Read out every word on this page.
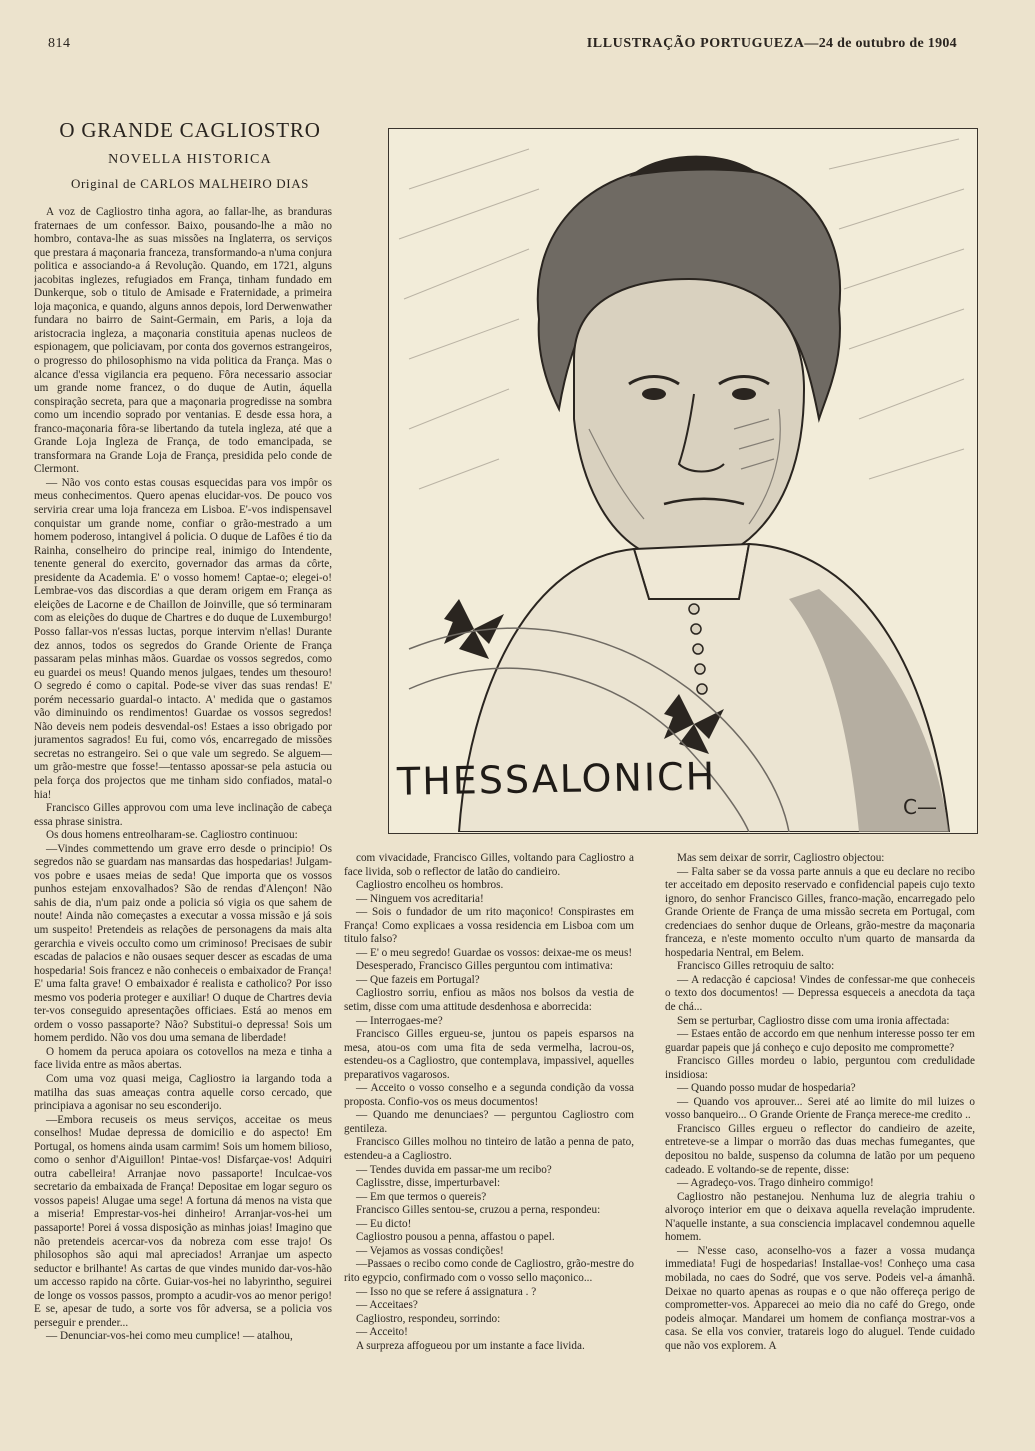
814	ILLUSTRAÇÃO PORTUGUEZA—24 de outubro de 1904
O GRANDE CAGLIOSTRO
NOVELLA HISTORICA
Original de CARLOS MALHEIRO DIAS

A voz de Cagliostro tinha agora, ao fallar-lhe, as branduras fraternaes de um confessor. Baixo, pousando-lhe a mão no hombro, contava-lhe as suas missões na Inglaterra, os serviços que prestara á maçonaria franceza, transformando-a n'uma conjura politica e associando-a á Revolução. Quando, em 1721, alguns jacobitas inglezes, refugiados em França, tinham fundado em Dunkerque, sob o titulo de Amisade e Fraternidade, a primeira loja maçonica, e quando, alguns annos depois, lord Derwenwather fundara no bairro de Saint-Germain, em Paris, a loja da aristocracia ingleza, a maçonaria constituia apenas nucleos de espionagem, que policiavam, por conta dos governos estrangeiros, o progresso do philosophismo na vida politica da França. Mas o alcance d'essa vigilancia era pequeno. Fôra necessario associar um grande nome francez, o do duque de Autin, áquella conspiração secreta, para que a maçonaria progredisse na sombra como um incendio soprado por ventanias. E desde essa hora, a franco-maçonaria fôra-se libertando da tutela ingleza, até que a Grande Loja Ingleza de França, de todo emancipada, se transformara na Grande Loja de França, presidida pelo conde de Clermont.

— Não vos conto estas cousas esquecidas para vos impôr os meus conhecimentos. Quero apenas elucidar-vos. De pouco vos serviria crear uma loja franceza em Lisboa. E'-vos indispensavel conquistar um grande nome, confiar o grão-mestrado a um homem poderoso, intangivel á policia. O duque de Lafões é tio da Rainha, conselheiro do principe real, inimigo do Intendente, tenente general do exercito, governador das armas da côrte, presidente da Academia. E' o vosso homem! Captae-o; elegei-o! Lembrae-vos das discordias a que deram origem em França as eleições de Lacorne e de Chaillon de Joinville, que só terminaram com as eleições do duque de Chartres e do duque de Luxemburgo! Posso fallar-vos n'essas luctas, porque intervim n'ellas! Durante dez annos, todos os segredos do Grande Oriente de França passaram pelas minhas mãos. Guardae os vossos segredos, como eu guardei os meus! Quando menos julgaes, tendes um thesouro! O segredo é como o capital. Pode-se viver das suas rendas! E' porém necessario guardal-o intacto. A' medida que o gastamos vão diminuindo os rendimentos! Guardae os vossos segredos! Não deveis nem podeis desvendal-os! Estaes a isso obrigado por juramentos sagrados! Eu fui, como vós, encarregado de missões secretas no estrangeiro. Sei o que vale um segredo. Se alguem—um grão-mestre que fosse!—tentasso apossar-se pela astucia ou pela força dos projectos que me tinham sido confiados, matal-o hia!

Francisco Gilles approvou com uma leve inclinação de cabeça essa phrase sinistra.

Os dous homens entreolharam-se. Cagliostro continuou:

—Vindes commettendo um grave erro desde o principio! Os segredos não se guardam nas mansardas das hospedarias! Julgam-vos pobre e usaes meias de seda! Que importa que os vossos punhos estejam enxovalhados? São de rendas d'Alençon! Não sahis de dia, n'um paiz onde a policia só vigia os que sahem de noute! Ainda não começastes a executar a vossa missão e já sois um suspeito! Pretendeis as relações de personagens da mais alta gerarchia e viveis occulto como um criminoso! Precisaes de subir escadas de palacios e não ousaes sequer descer as escadas de uma hospedaria! Sois francez e não conheceis o embaixador de França! E' uma falta grave! O embaixador é realista e catholico? Por isso mesmo vos poderia proteger e auxiliar! O duque de Chartres devia ter-vos conseguido apresentações officiaes. Está ao menos em ordem o vosso passaporte? Não? Substitui-o depressa! Sois um homem perdido. Não vos dou uma semana de liberdade!

O homem da peruca apoiara os cotovellos na meza e tinha a face livida entre as mãos abertas.

Com uma voz quasi meiga, Cagliostro ia largando toda a matilha das suas ameaças contra aquelle corso cercado, que principiava a agonisar no seu esconderijo.

—Embora recuseis os meus serviços, acceitae os meus conselhos! Mudae depressa de domicilio e do aspecto! Em Portugal, os homens ainda usam carmim! Sois um homem bilioso, como o senhor d'Aiguillon! Pintae-vos! Disfarçae-vos! Adquiri outra cabelleira! Arranjae novo passaporte! Inculcae-vos secretario da embaixada de França! Depositae em logar seguro os vossos papeis! Alugae uma sege! A fortuna dá menos na vista que a miseria! Emprestar-vos-hei dinheiro! Arranjar-vos-hei um passaporte! Porei á vossa disposição as minhas joias! Imagino que não pretendeis acercar-vos da nobreza com esse trajo! Os philosophos são aqui mal apreciados! Arranjae um aspecto seductor e brilhante! As cartas de que vindes munido dar-vos-hão um accesso rapido na côrte. Guiar-vos-hei no labyrintho, seguirei de longe os vossos passos, prompto a acudir-vos ao menor perigo! E se, apesar de tudo, a sorte vos fôr adversa, se a policia vos perseguir e prender...

— Denunciar-vos-hei como meu cumplice! — atalhou,

com vivacidade, Francisco Gilles, voltando para Cagliostro a face livida, sob o reflector de latão do candieiro.

Cagliostro encolheu os hombros.

— Ninguem vos acreditaria!

— Sois o fundador de um rito maçonico! Conspirastes em França! Como explicaes a vossa residencia em Lisboa com um titulo falso?

— E' o meu segredo! Guardae os vossos: deixae-me os meus!

Desesperado, Francisco Gilles perguntou com intimativa:

— Que fazeis em Portugal?

Cagliostro sorriu, enfiou as mãos nos bolsos da vestia de setim, disse com uma attitude desdenhosa e aborrecida:

— Interrogaes-me?

Francisco Gilles ergueu-se, juntou os papeis esparsos na mesa, atou-os com uma fita de seda vermelha, lacrou-os, estendeu-os a Cagliostro, que contemplava, impassivel, aquelles preparativos vagarosos.

— Acceito o vosso conselho e a segunda condição da vossa proposta. Confio-vos os meus documentos!

— Quando me denunciaes? — perguntou Cagliostro com gentileza.

Francisco Gilles molhou no tinteiro de latão a penna de pato, estendeu-a a Cagliostro.

— Tendes duvida em passar-me um recibo?

Caglisstre, disse, imperturbavel:

— Em que termos o quereis?

Francisco Gilles sentou-se, cruzou a perna, respondeu:

— Eu dicto!

Cagliostro pousou a penna, affastou o papel.

— Vejamos as vossas condições!

—Passaes o recibo como conde de Cagliostro, grão-mestre do rito egypcio, confirmado com o vosso sello maçonico...

— Isso no que se refere á assignatura . ?

— Acceitaes?

Cagliostro, respondeu, sorrindo:

— Acceito!

A surpreza affogueou por um instante a face livida.

Mas sem deixar de sorrir, Cagliostro objectou:

— Falta saber se da vossa parte annuis a que eu declare no recibo ter acceitado em deposito reservado e confidencial papeis cujo texto ignoro, do senhor Francisco Gilles, franco-mação, encarregado pelo Grande Oriente de França de uma missão secreta em Portugal, com credenciaes do senhor duque de Orleans, grão-mestre da maçonaria franceza, e n'este momento occulto n'um quarto de mansarda da hospedaria Nentral, em Belem.

Francisco Gilles retroquiu de salto:

— A redacção é capciosa! Vindes de confessar-me que conheceis o texto dos documentos! — Depressa esqueceis a anecdota da taça de chá...

Sem se perturbar, Cagliostro disse com uma ironia affectada:

— Estaes então de accordo em que nenhum interesse posso ter em guardar papeis que já conheço e cujo deposito me compromette?

Francisco Gilles mordeu o labio, perguntou com credulidade insidiosa:

— Quando posso mudar de hospedaria?

— Quando vos aprouver... Serei até ao limite do mil luizes o vosso banqueiro... O Grande Oriente de França merece-me credito ..

Francisco Gilles ergueu o reflector do candieiro de azeite, entreteve-se a limpar o morrão das duas mechas fumegantes, que depositou no balde, suspenso da columna de latão por um pequeno cadeado. E voltando-se de repente, disse:

— Agradeço-vos. Trago dinheiro commigo!

Cagliostro não pestanejou. Nenhuma luz de alegria trahiu o alvoroço interior em que o deixava aquella revelação imprudente. N'aquelle instante, a sua consciencia implacavel condemnou aquelle homem.

— N'esse caso, aconselho-vos a fazer a vossa mudança immediata! Fugi de hospedarias! Installae-vos! Conheço uma casa mobilada, no caes do Sodré, que vos serve. Podeis vel-a ámanhã. Deixae no quarto apenas as roupas e o que não offereça perigo de comprometter-vos. Apparecei ao meio dia no café do Grego, onde podeis almoçar. Mandarei um homem de confiança mostrar-vos a casa. Se ella vos convier, tratareis logo do aluguel. Tende cuidado que não vos explorem. A

THESSALONICH
C—
